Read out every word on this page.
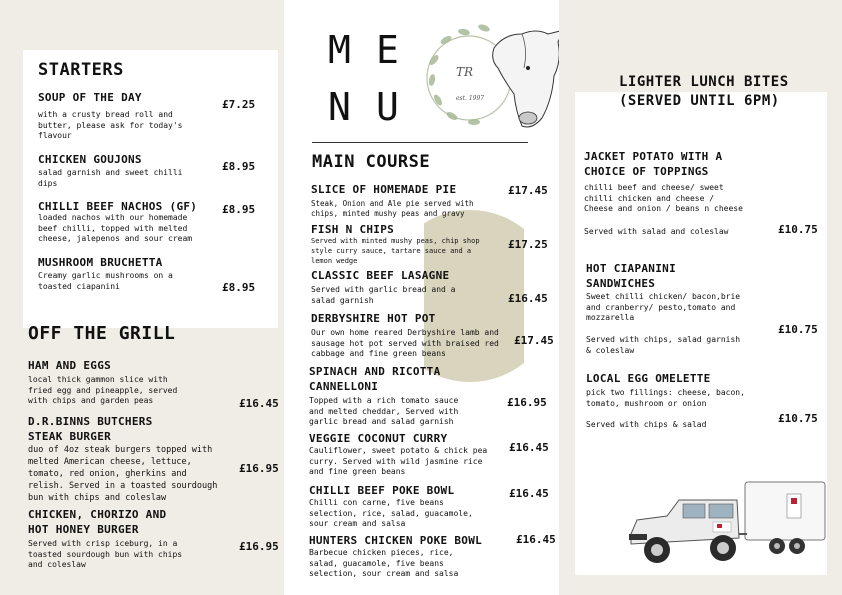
STARTERS
SOUP OF THE DAY
with a crusty bread roll and
butter, please ask for today's
flavour
£7.25
CHICKEN GOUJONS
salad garnish and sweet chilli
dips
£8.95
CHILLI BEEF NACHOS (GF)
loaded nachos with our homemade
beef chilli, topped with melted
cheese, jalepenos and sour cream
£8.95
MUSHROOM BRUCHETTA
Creamy garlic mushrooms on a
toasted ciapanini	£8.95
OFF THE GRILL
HAM AND EGGS
local thick gammon slice with
fried egg and pineapple, served
with chips and garden peas	£16.45
D.R.BINNS BUTCHERS
STEAK BURGER
duo of 4oz steak burgers topped with
melted American cheese, lettuce,
tomato, red onion, gherkins and
relish. Served in a toasted sourdough
bun with chips and coleslaw
£16.95
CHICKEN, CHORIZO AND
HOT HONEY BURGER
Served with crisp iceburg, in a
toasted sourdough bun with chips
and coleslaw
£16.95
M E
N U
TR
est. 1997
MAIN COURSE
SLICE OF HOMEMADE PIE
Steak, Onion and Ale pie served with
chips, minted mushy peas and gravy
£17.45
FISH N CHIPS
Served with minted mushy peas, chip shop
style curry sauce, tartare sauce and a
lemon wedge
£17.25
CLASSIC BEEF LASAGNE
Served with garlic bread and a
salad garnish	£16.45
DERBYSHIRE HOT POT
Our own home reared Derbyshire lamb and
sausage hot pot served with braised red
cabbage and fine green beans
£17.45
SPINACH AND RICOTTA
CANNELLONI
Topped with a rich tomato sauce
and melted cheddar, Served with
garlic bread and salad garnish
£16.95
VEGGIE COCONUT CURRY
Cauliflower, sweet potato & chick pea
curry. Served with wild jasmine rice
and fine green beans
£16.45
CHILLI BEEF POKE BOWL
Chilli con carne, five beans
selection, rice, salad, guacamole,
sour cream and salsa
£16.45
HUNTERS CHICKEN POKE BOWL
Barbecue chicken pieces, rice,
salad, guacamole, five beans
selection, sour cream and salsa
£16.45
LIGHTER LUNCH BITES
(SERVED UNTIL 6PM)
JACKET POTATO WITH A
CHOICE OF TOPPINGS
chilli beef and cheese/ sweet
chilli chicken and cheese /
Cheese and onion / beans n cheese
Served with salad and coleslaw	£10.75
HOT CIAPANINI
SANDWICHES
Sweet chilli chicken/ bacon,brie
and cranberry/ pesto,tomato and
mozzarella
Served with chips, salad garnish
& coleslaw
£10.75
LOCAL EGG OMELETTE
pick two fillings: cheese, bacon,
tomato, mushroom or onion
Served with chips & salad	£10.75
